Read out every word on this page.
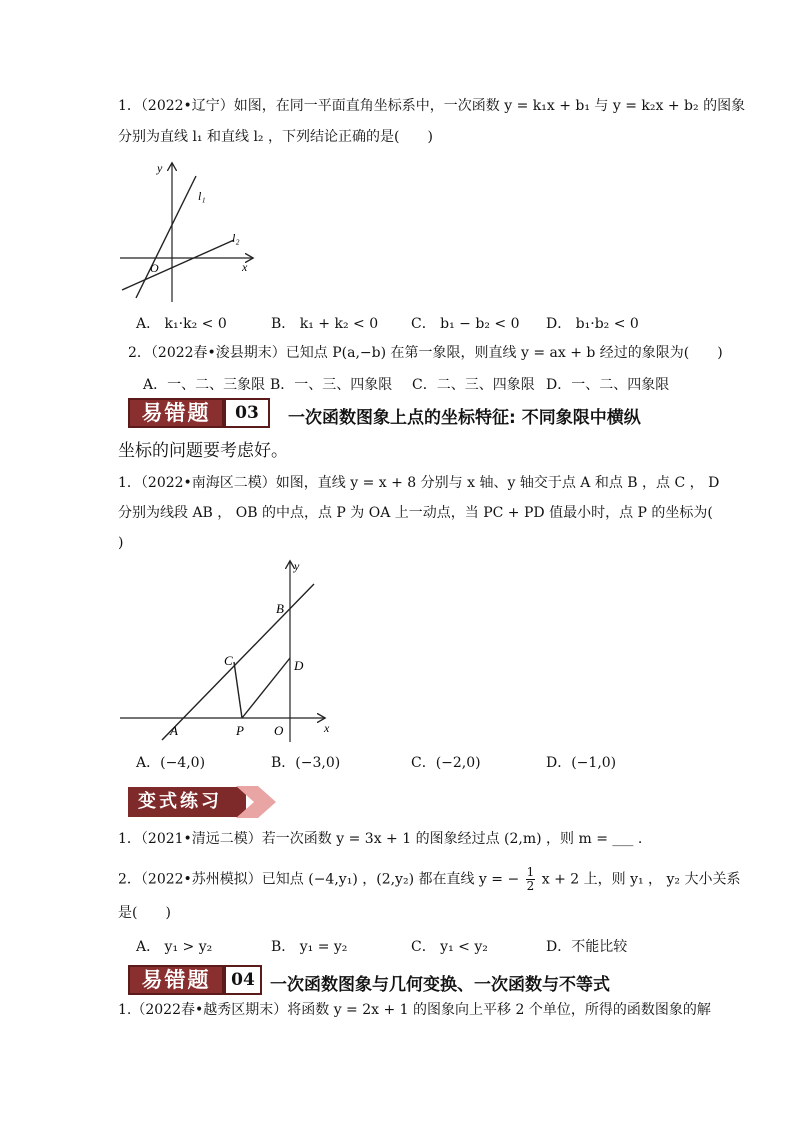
1．（2022•辽宁）如图，在同一平面直角坐标系中，一次函数 y = k₁x + b₁ 与 y = k₂x + b₂ 的图象
分别为直线 l₁ 和直线 l₂ ，下列结论正确的是(　　)
y
x
O
l₁
l₂
A． k₁·k₂ < 0	B． k₁ + k₂ < 0 C． b₁ − b₂ < 0 D． b₁·b₂ < 0
2．（2022春•浚县期末）已知点 P(a,−b) 在第一象限，则直线 y = ax + b 经过的象限为(　　)
A．一、二、三象限 B．一、三、四象限 C．二、三、四象限 D．一、二、四象限
易错题	03	一次函数图象上点的坐标特征: 不同象限中横纵
坐标的问题要考虑好。
1．（2022•南海区二模）如图，直线 y = x + 8 分别与 x 轴、y 轴交于点 A 和点 B ，点 C ， D
分别为线段 AB ， OB 的中点，点 P 为 OA 上一动点，当 PC + PD 值最小时，点 P 的坐标为(
)
y
x
B
C	D
A	P O
A．(−4,0)	B．(−3,0)	C．(−2,0)	D．(−1,0)
变式练习
1．（2021•清远二模）若一次函数 y = 3x + 1 的图象经过点 (2,m) ，则 m = ___ .
2．（2022•苏州模拟）已知点 (−4,y₁) ，(2,y₂) 都在直线 y = − $\frac{1}{2}$ x + 2 上，则 y₁ ， y₂ 大小关系
是(　　)
A． y₁ > y₂	B． y₁ = y₂	C． y₁ < y₂	D．不能比较
易错题	04 一次函数图象与几何变换、一次函数与不等式
1.（2022春•越秀区期末）将函数 y = 2x + 1 的图象向上平移 2 个单位，所得的函数图象的解
